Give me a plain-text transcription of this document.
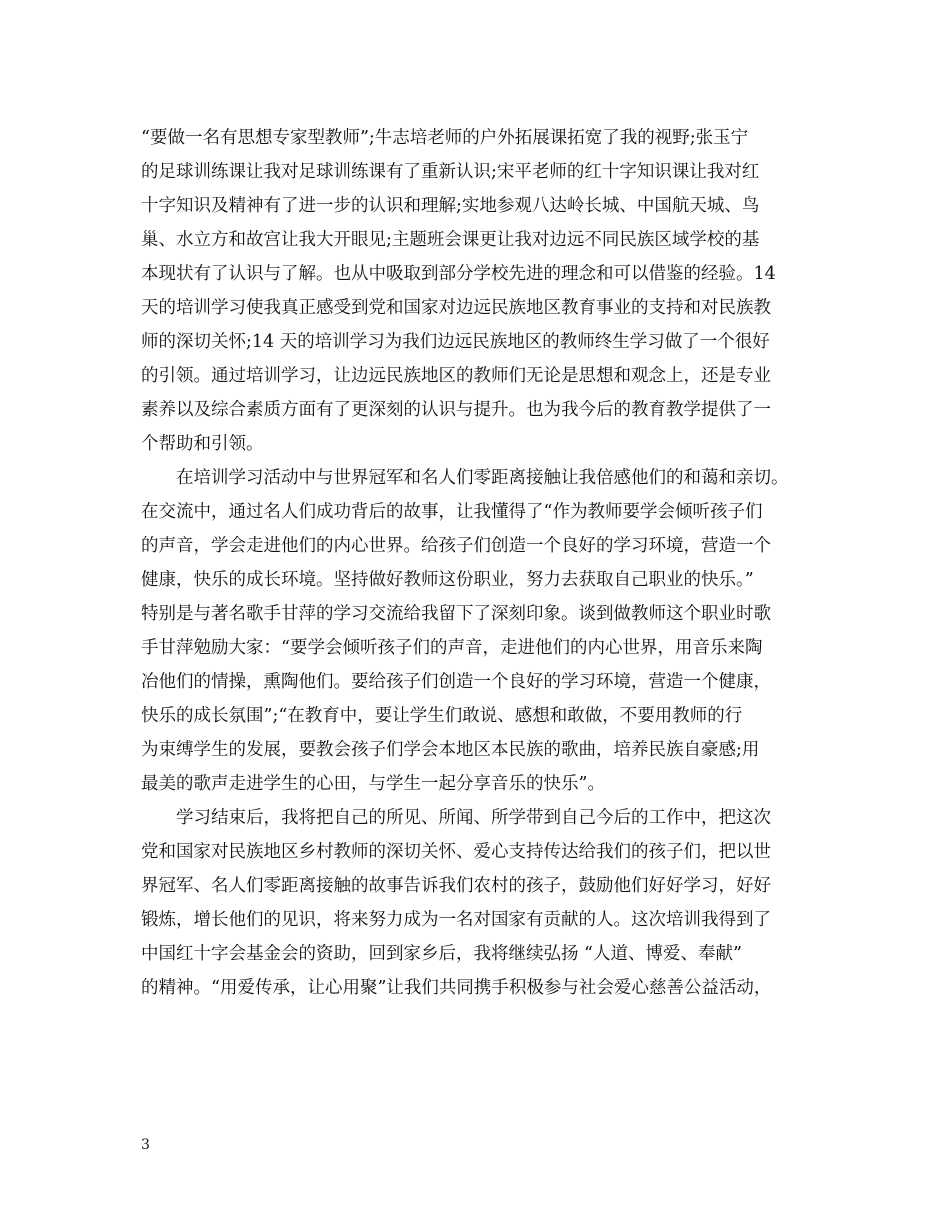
“要做一名有思想专家型教师”;牛志培老师的户外拓展课拓宽了我的视野;张玉宁
的足球训练课让我对足球训练课有了重新认识;宋平老师的红十字知识课让我对红
十字知识及精神有了进一步的认识和理解;实地参观八达岭长城、中国航天城、鸟
巢、水立方和故宫让我大开眼见;主题班会课更让我对边远不同民族区域学校的基
本现状有了认识与了解。也从中吸取到部分学校先进的理念和可以借鉴的经验。14
天的培训学习使我真正感受到党和国家对边远民族地区教育事业的支持和对民族教
师的深切关怀;14 天的培训学习为我们边远民族地区的教师终生学习做了一个很好
的引领。通过培训学习，让边远民族地区的教师们无论是思想和观念上，还是专业
素养以及综合素质方面有了更深刻的认识与提升。也为我今后的教育教学提供了一
个帮助和引领。
　　在培训学习活动中与世界冠军和名人们零距离接触让我倍感他们的和蔼和亲切。
在交流中，通过名人们成功背后的故事，让我懂得了“作为教师要学会倾听孩子们
的声音，学会走进他们的内心世界。给孩子们创造一个良好的学习环境，营造一个
健康，快乐的成长环境。坚持做好教师这份职业，努力去获取自己职业的快乐。”
特别是与著名歌手甘萍的学习交流给我留下了深刻印象。谈到做教师这个职业时歌
手甘萍勉励大家：“要学会倾听孩子们的声音，走进他们的内心世界，用音乐来陶
冶他们的情操，熏陶他们。要给孩子们创造一个良好的学习环境，营造一个健康，
快乐的成长氛围”;“在教育中，要让学生们敢说、感想和敢做，不要用教师的行
为束缚学生的发展，要教会孩子们学会本地区本民族的歌曲，培养民族自豪感;用
最美的歌声走进学生的心田，与学生一起分享音乐的快乐”。
　　学习结束后，我将把自己的所见、所闻、所学带到自己今后的工作中，把这次
党和国家对民族地区乡村教师的深切关怀、爱心支持传达给我们的孩子们，把以世
界冠军、名人们零距离接触的故事告诉我们农村的孩子，鼓励他们好好学习，好好
锻炼，增长他们的见识，将来努力成为一名对国家有贡献的人。这次培训我得到了
中国红十字会基金会的资助，回到家乡后，我将继续弘扬 “人道、博爱、奉献”
的精神。“用爱传承，让心用聚”让我们共同携手积极参与社会爱心慈善公益活动，
3
